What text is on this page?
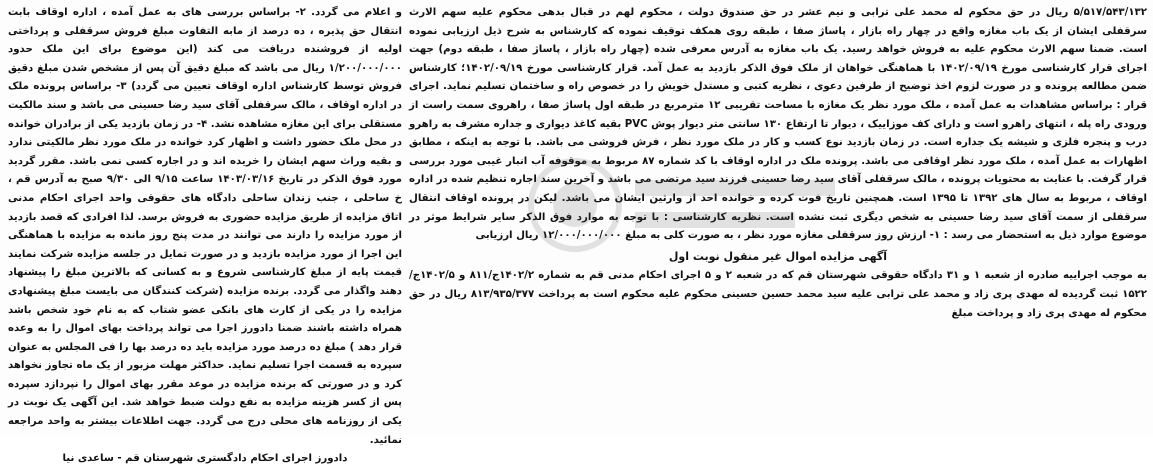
و اعلام می گردد. ۲- براساس بررسی های به عمل آمده ، اداره اوقاف بابت انتقال حق پذیره ، ده درصد از مابه التفاوت مبلغ فروش سرقفلی و پرداختی اولیه از فروشنده دریافت می کند (این موضوع برای این ملک حدود ۱/۲۰۰/۰۰۰/۰۰۰ ریال می باشد که مبلغ دقیق آن پس از مشخص شدن مبلغ دقیق فروش توسط کارشناس اداره اوقاف تعیین می گردد) ۳- براساس پرونده ملک در اداره اوقاف ، مالک سرقفلی آقای سید رضا حسینی می باشد و سند مالکیت مستقلی برای این مغازه مشاهده نشد. ۴- در زمان بازدید یکی از برادران خوانده در محل ملک حضور داشت و اظهار کرد خوانده در ملک مورد نظر مالکیتی ندارد و بقیه وراث سهم ایشان را خریده اند و در اجاره کسی نمی باشد. مقرر گردید مورد فوق الذکر در تاریخ ۱۴۰۳/۰۳/۱۶ ساعت ۹/۱۵ الی ۹/۳۰ صبح به آدرس قم ، خ ساحلی ، جنب زندان ساحلی دادگاه های حقوقی واحد اجرای احکام مدنی اتاق مزایده از طریق مزایده حضوری به فروش برسد. لذا افرادی که قصد بازدید از مورد مزایده را دارند می توانند در مدت پنج روز مانده به مزایده با هماهنگی این اجرا از مورد مزایده بازدید و در صورت تمایل در جلسه مزایده شرکت نمایند قیمت پایه از مبلغ کارشناسی شروع و به کسانی که بالاترین مبلغ را پیشنهاد دهند واگذار می گردد. برنده مزایده (شرکت کنندگان می بایست مبلغ پیشنهادی مزایده را در یکی از کارت های بانکی عضو شتاب که به نام خود شخص باشد همراه داشته باشند ضمنا دادورز اجرا می تواند پرداخت بهای اموال را به وعده قرار دهد ) مبلغ ده درصد مورد مزایده باید ده درصد بها را فی المجلس به عنوان سپرده به قسمت اجرا تسلیم نماید. حداکثر مهلت مزبور از یک ماه تجاوز نخواهد کرد و در صورتی که برنده مزایده در موعد مقرر بهای اموال را نپردازد سپرده پس از کسر هزینه مزایده به نفع دولت ضبط خواهد شد. این آگهی یک نوبت در یکی از روزنامه های محلی درج می گردد. جهت اطلاعات بیشتر به واحد مراجعه نمائید.

دادورز اجرای احکام دادگستری شهرستان قم - ساعدی نیا

۵/۵۱۷/۵۴۳/۱۳۲ ریال در حق محکوم له محمد علی ترابی و نیم عشر در حق صندوق دولت ، محکوم لهم در قبال بدهی محکوم علیه سهم الارث سرقفلی ایشان از یک باب مغازه واقع در چهار راه بازار ، پاساژ صفا ، طبقه روی همکف توقیف نموده که کارشناس به شرح ذیل ارزیابی نموده است. ضمنا سهم الارث محکوم علیه به فروش خواهد رسید. یک باب مغازه به آدرس معرفی شده (چهار راه بازار ، پاساژ صفا ، طبقه دوم) جهت اجرای قرار کارشناسی مورخ ۱۴۰۲/۰۹/۱۹ با هماهنگی خواهان از ملک فوق الذکر بازدید به عمل آمد. قرار کارشناسی مورخ ۱۴۰۲/۰۹/۱۹؛ کارشناس ضمن مطالعه پرونده و در صورت لزوم اخذ توضیح از طرفین دعوی ، نظریه کتبی و مستدل خویش را در خصوص راه و ساختمان تسلیم نماید. اجرای قرار : براساس مشاهدات به عمل آمده ، ملک مورد نظر یک مغازه با مساحت تقریبی ۱۲ مترمربع در طبقه اول پاساژ صفا ، راهروی سمت راست از ورودی راه پله ، انتهای راهرو است و دارای کف موزاییک ، دیوار تا ارتفاع ۱۳۰ سانتی متر دیوار پوش PVC بقیه کاغذ دیواری و جداره مشرف به راهرو درب و پنجره فلزی و شیشه یک جداره است. در زمان بازدید نوع کسب و کار در ملک مورد نظر ، فرش فروشی می باشد. با توجه به اینکه ، مطابق اظهارات به عمل آمده ، ملک مورد نظر اوقافی می باشد. پرونده ملک در اداره اوقاف با کد شماره ۸۷ مربوط به موقوفه آب انبار غیبی مورد بررسی قرار گرفت. با عنایت به محتویات پرونده ، مالک سرقفلی آقای سید رضا حسینی فرزند سید مرتضی می باشد و آخرین سند اجاره تنظیم شده در اداره اوقاف ، مربوط به سال های ۱۳۹۲ تا ۱۳۹۵ است. همچنین تاریخ فوت کرده و خوانده احد از وارثین ایشان می باشد. لیکن در پرونده اوقاف انتقال سرقفلی از سمت آقای سید رضا حسینی به شخص دیگری ثبت نشده است. نظریه کارشناسی : با توجه به موارد فوق الذکر سایر شرایط موثر در موضوع موارد ذیل به استحضار می رسد : ۱- ارزش روز سرقفلی مغازه مورد نظر ، به صورت کلی به مبلغ ۱۲/۰۰۰/۰۰۰/۰۰۰ ریال ارزیابی

آگهی مزایده اموال غیر منقول نوبت اول

به موجب اجراییه صادره از شعبه ۱ و ۳۱ دادگاه حقوقی شهرستان قم که در شعبه ۲ و ۵ اجرای احکام مدنی قم به شماره ۱۴۰۲/۲ج/۸۱۱ و ۱۴۰۲/۵ج/۱۵۲۲ ثبت گردیده له مهدی پری زاد و محمد علی ترابی علیه سید محمد حسین حسینی محکوم علیه محکوم است به پرداخت ۸۱۳/۹۳۵/۳۷۷ ریال در حق محکوم له مهدی پری زاد و پرداخت مبلغ
